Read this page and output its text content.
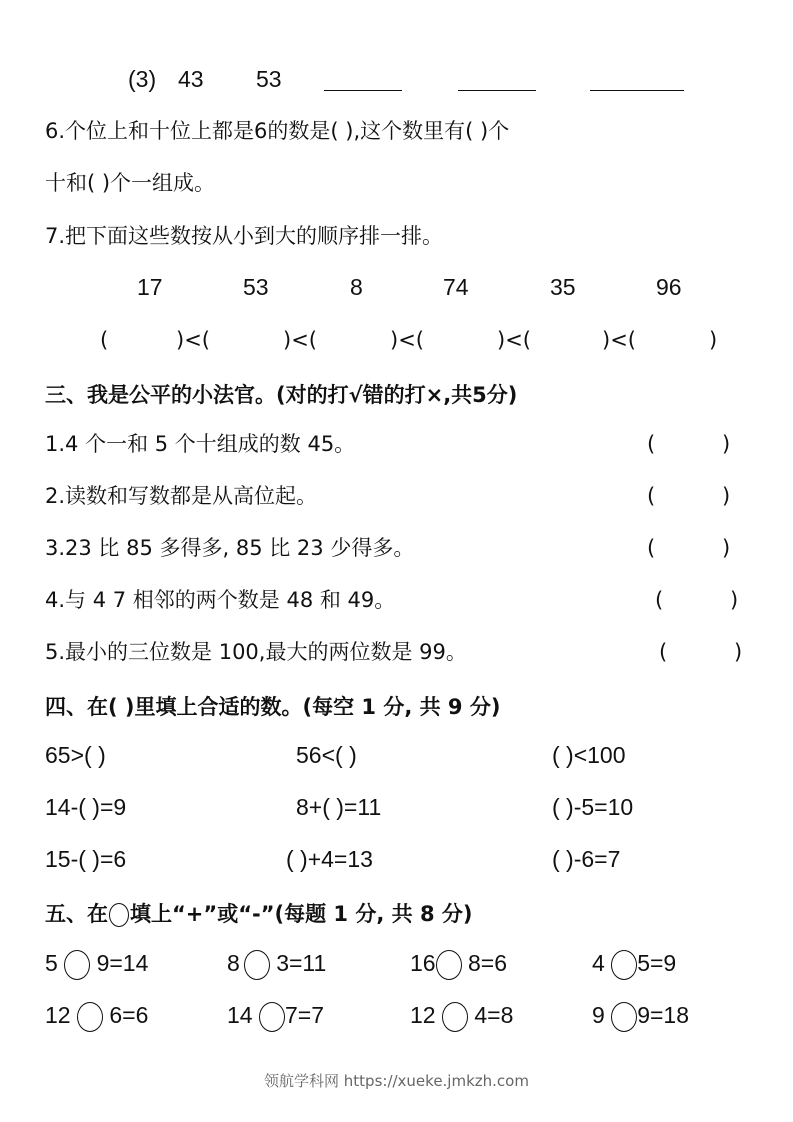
(3) 43 53
6.个位上和十位上都是6的数是( ),这个数里有( )个
十和( )个一组成。
7.把下面这些数按从小到大的顺序排一排。
17	53	8	74	35	96
(	)<(	)<(	)<(	)<(	)<(	)
三、我是公平的小法官。(对的打√错的打×,共5分)
1.4 个一和 5 个十组成的数 45。	(	)
2.读数和写数都是从高位起。	(	)
3.23 比 85 多得多, 85 比 23 少得多。	(	)
4.与 4 7 相邻的两个数是 48 和 49。	(	)
5.最小的三位数是 100,最大的两位数是 99。	(	)
四、在( )里填上合适的数。(每空 1 分, 共 9 分)
65>( )	56<( )	( )<100
14-( )=9	8+( )=11	( )-5=10
15-( )=6	( )+4=13	( )-6=7
五、在 填上“+”或“-”(每题 1 分, 共 8 分)
5 9=14	8 3=11	16 8=6	4 5=9
12 6=6	14 7=7	12 4=8	9 9=18
领航学科网 https://xueke.jmkzh.com
